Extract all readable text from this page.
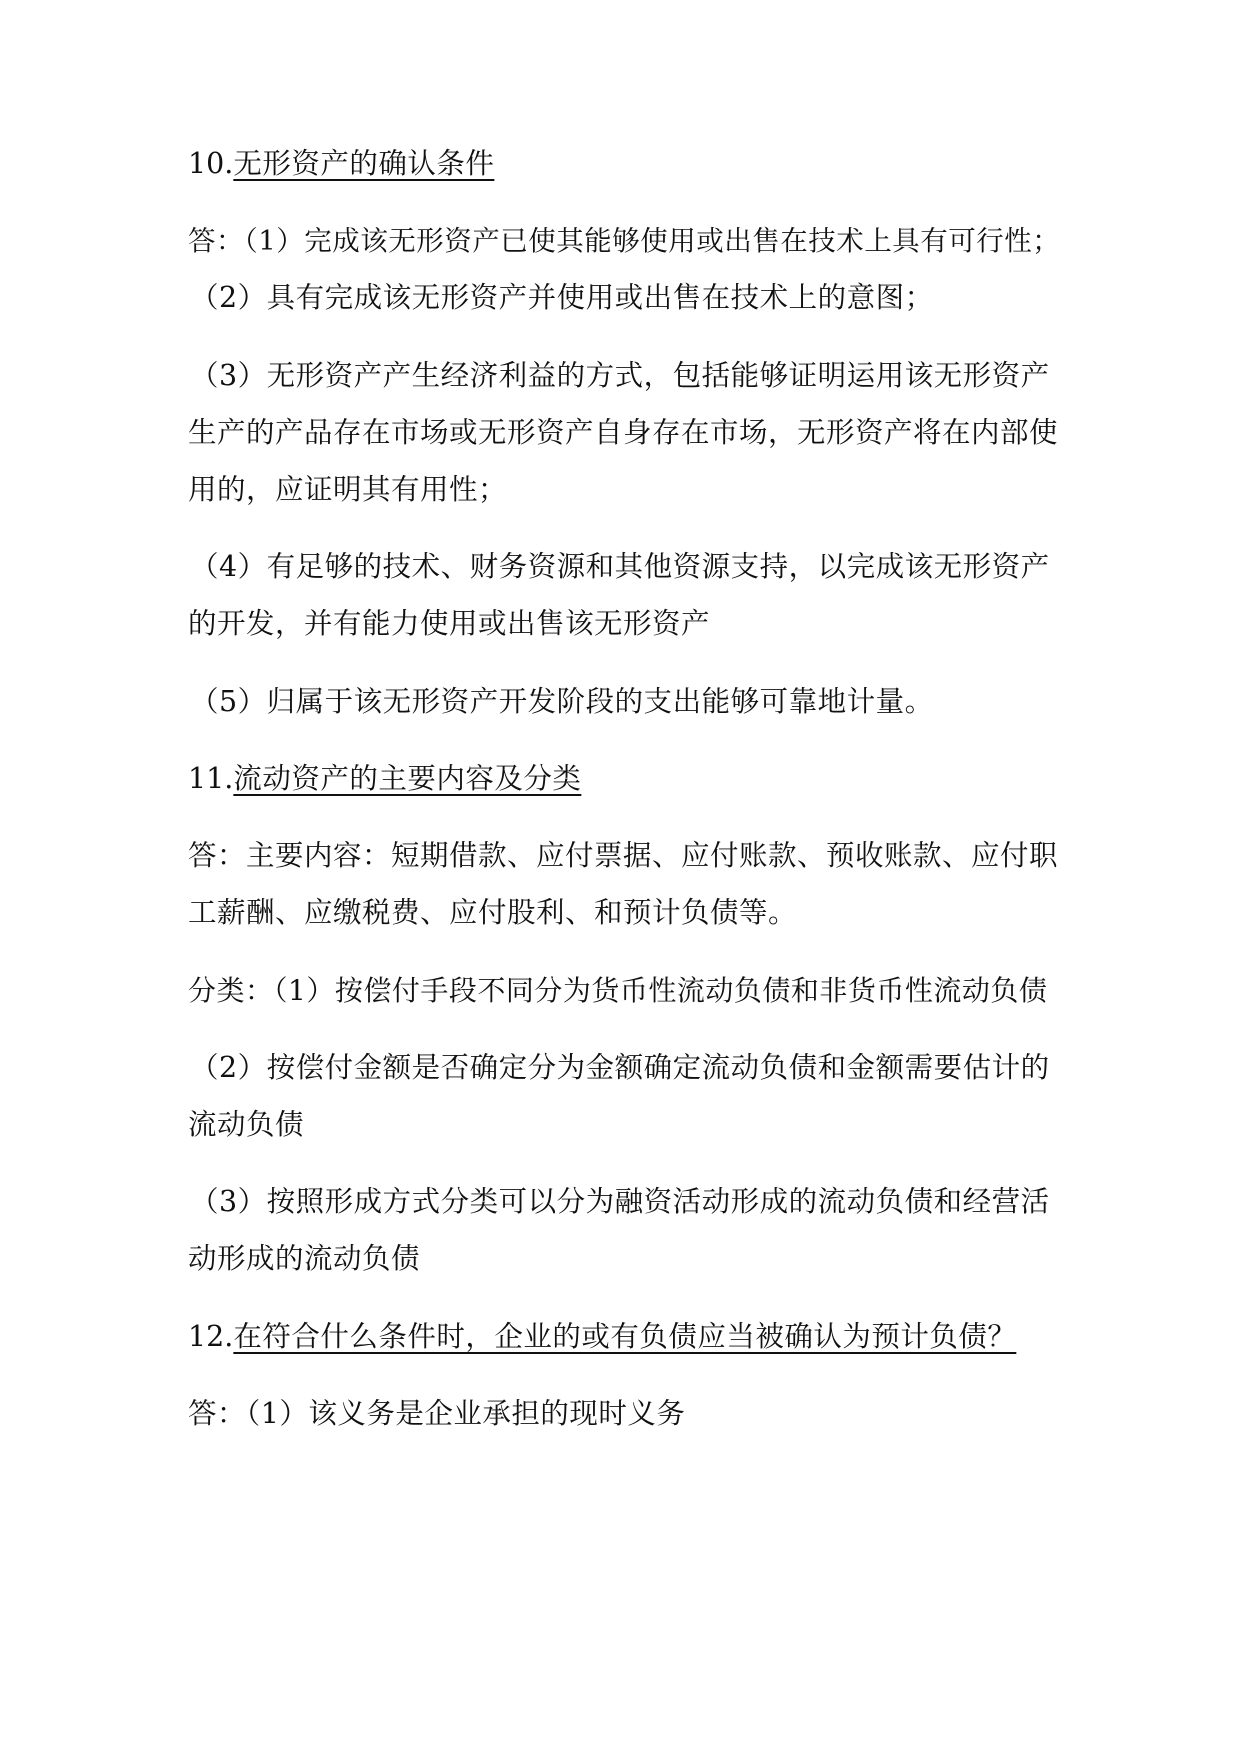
10.无形资产的确认条件

答：（1）完成该无形资产已使其能够使用或出售在技术上具有可行性；

（2）具有完成该无形资产并使用或出售在技术上的意图；

（3）无形资产产生经济利益的方式，包括能够证明运用该无形资产

生产的产品存在市场或无形资产自身存在市场，无形资产将在内部使

用的，应证明其有用性；

（4）有足够的技术、财务资源和其他资源支持，以完成该无形资产

的开发，并有能力使用或出售该无形资产

（5）归属于该无形资产开发阶段的支出能够可靠地计量。

11.流动资产的主要内容及分类

答：主要内容：短期借款、应付票据、应付账款、预收账款、应付职

工薪酬、应缴税费、应付股利、和预计负债等。

分类：（1）按偿付手段不同分为货币性流动负债和非货币性流动负债

（2）按偿付金额是否确定分为金额确定流动负债和金额需要估计的

流动负债

（3）按照形成方式分类可以分为融资活动形成的流动负债和经营活

动形成的流动负债

12.在符合什么条件时，企业的或有负债应当被确认为预计负债？

答：（1）该义务是企业承担的现时义务
